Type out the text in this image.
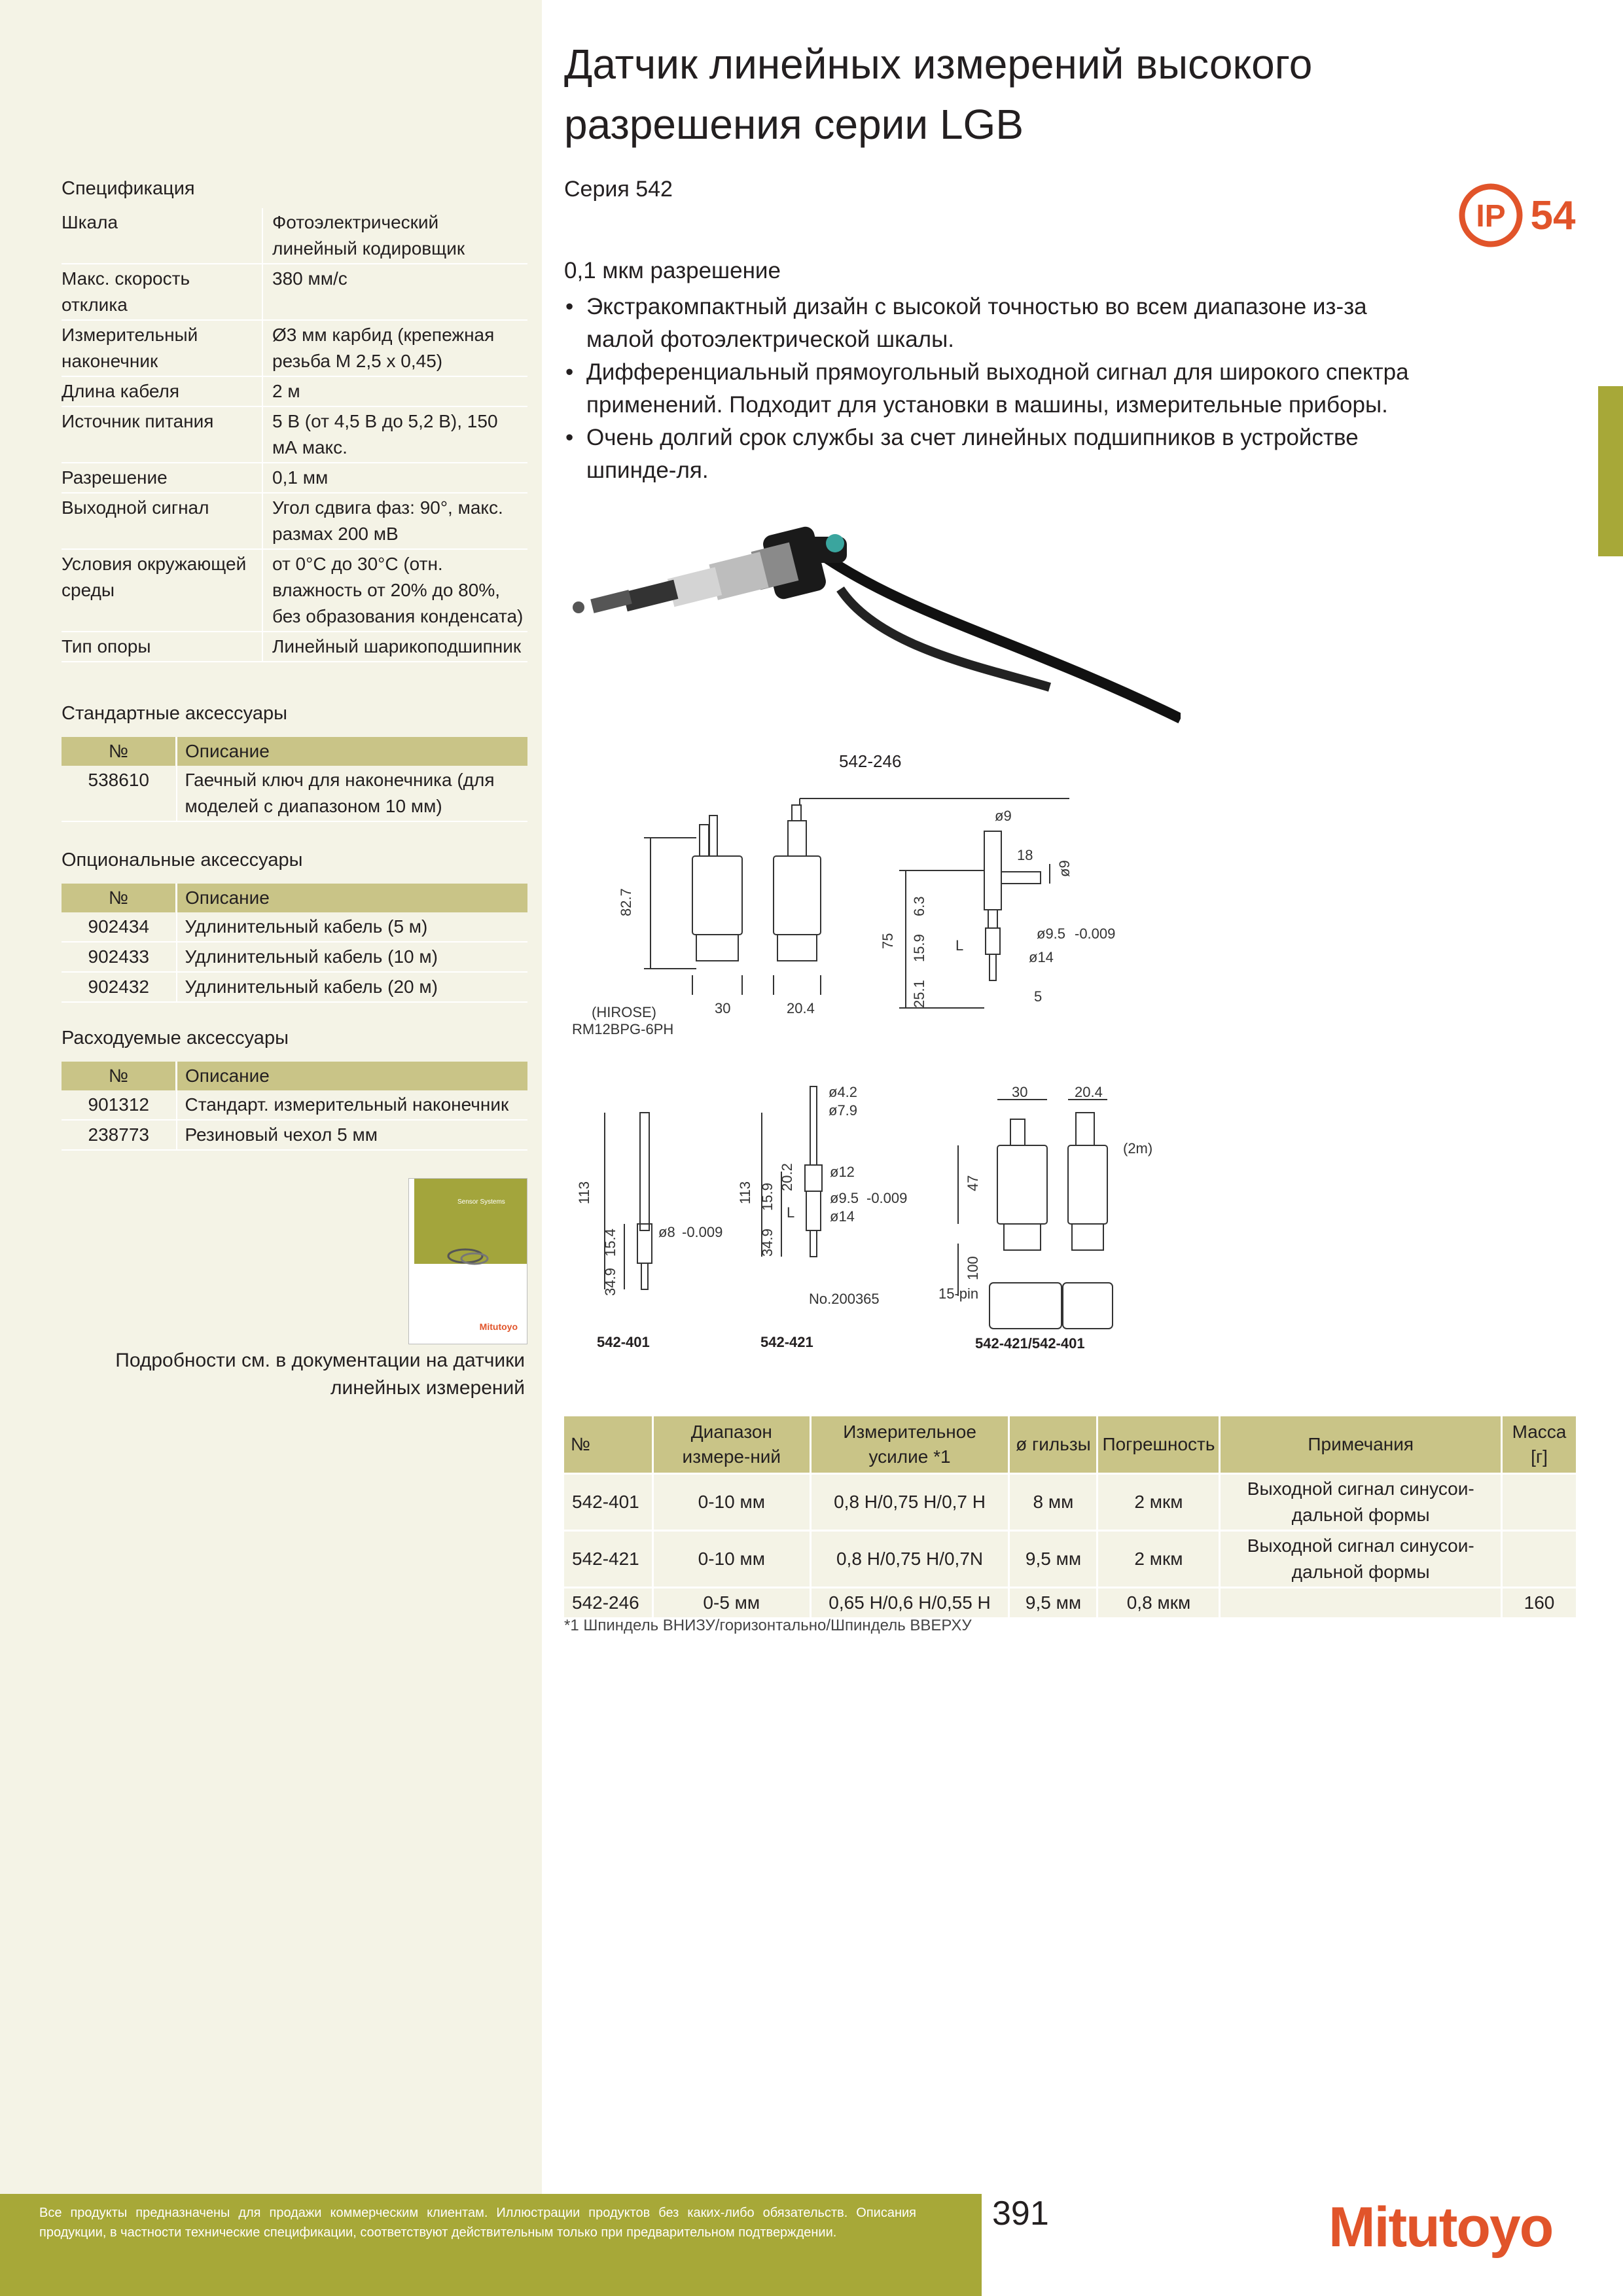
Датчик линейных измерений высокого
разрешения серии LGB
Серия 542
IP 54
0,1 мкм разрешение
• Экстракомпактный дизайн с высокой точностью во всем диапазоне из-за малой фотоэлектрической шкалы.
• Дифференциальный прямоугольный выходной сигнал для широкого спектра применений. Подходит для установки в машины, измерительные приборы.
• Очень долгий срок службы за счет линейных подшипников в устройстве шпинде-ля.
Спецификация
Шкала	Фотоэлектрический линейный кодировщик
Макс. скорость отклика	380 мм/с
Измерительный наконечник	Ø3 мм карбид (крепежная резьба М 2,5 х 0,45)
Длина кабеля	2 м
Источник питания	5 В (от 4,5 В до 5,2 В), 150 мА макс.
Разрешение	0,1 мм
Выходной сигнал	Угол сдвига фаз: 90°, макс. размах 200 мВ
Условия окружающей среды	от 0°C до 30°C (отн. влажность от 20% до 80%, без образования конденсата)
Тип опоры	Линейный шарикоподшипник
Стандартные аксессуары
№	Описание
538610	Гаечный ключ для наконечника (для моделей с диапазоном 10 мм)
Опциональные аксессуары
№	Описание
902434	Удлинительный кабель (5 м)
902433	Удлинительный кабель (10 м)
902432	Удлинительный кабель (20 м)
Расходуемые аксессуары
№	Описание
901312	Стандарт. измерительный наконечник
238773	Резиновый чехол 5 мм
Sensor Systems
Mitutoyo
Подробности см. в документации на датчики линейных измерений
542-246
82.7
30	20.4
(HIROSE)
RM12BPG-6PH
ø9
18
ø9
75
6.3
15.9 L
25.1
ø9.5 -0.009
ø14
5
113
15.4
34.9
ø8 -0.009
ø4.2
ø7.9
113 15.9
20.2
L
34.9
ø12
ø9.5 -0.009
ø14
No.200365
30	20.4
47
100
(2m)
15-pin
542-401	542-421	542-421/542-401
№	Диапазон измере-ний	Измерительное усилие *1	ø гильзы	Погрешность	Примечания	Масса [г]
542-401	0-10 мм	0,8 Н/0,75 Н/0,7 Н	8 мм	2 мкм	Выходной сигнал синусои-дальной формы	
542-421	0-10 мм	0,8 Н/0,75 Н/0,7N	9,5 мм	2 мкм	Выходной сигнал синусои-дальной формы	
542-246	0-5 мм	0,65 Н/0,6 Н/0,55 Н	9,5 мм	0,8 мкм		160
*1 Шпиндель ВНИЗУ/горизонтально/Шпиндель ВВЕРХУ
Все продукты предназначены для продажи коммерческим клиентам. Иллюстрации продуктов без каких-либо обязательств. Описания продукции, в частности технические спецификации, соответствуют действительным только при предварительном подтверждении.	391	Mitutoyo
